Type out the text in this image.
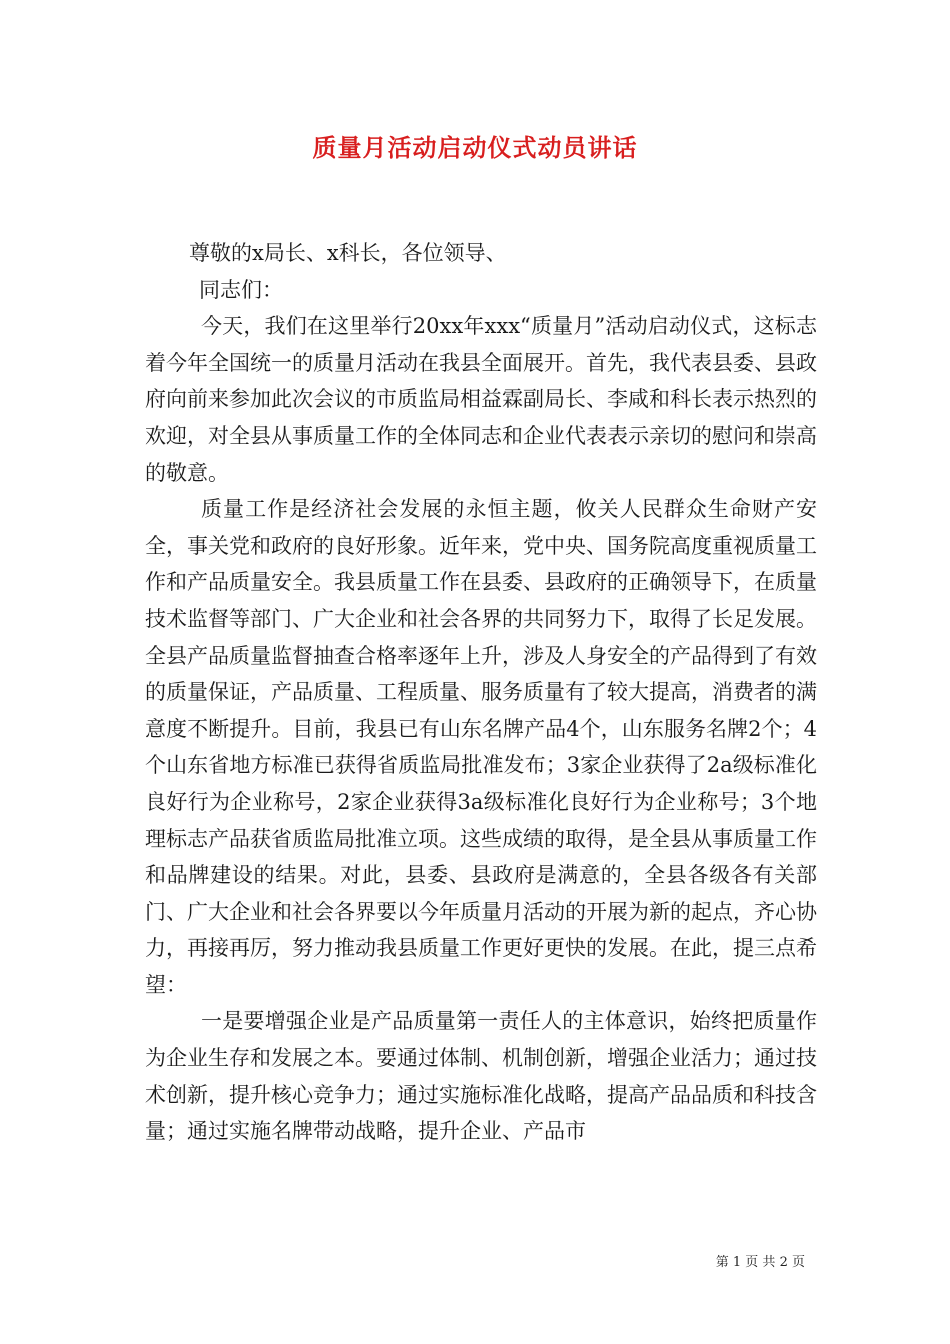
质量月活动启动仪式动员讲话

尊敬的x局长、x科长，各位领导、

同志们：

今天，我们在这里举行20xx年xxx“质量月”活动启动仪式，这标志着今年全国统一的质量月活动在我县全面展开。首先，我代表县委、县政府向前来参加此次会议的市质监局相益霖副局长、李咸和科长表示热烈的欢迎，对全县从事质量工作的全体同志和企业代表表示亲切的慰问和崇高的敬意。

质量工作是经济社会发展的永恒主题，攸关人民群众生命财产安全，事关党和政府的良好形象。近年来，党中央、国务院高度重视质量工作和产品质量安全。我县质量工作在县委、县政府的正确领导下，在质量技术监督等部门、广大企业和社会各界的共同努力下，取得了长足发展。全县产品质量监督抽查合格率逐年上升，涉及人身安全的产品得到了有效的质量保证，产品质量、工程质量、服务质量有了较大提高，消费者的满意度不断提升。目前，我县已有山东名牌产品4个，山东服务名牌2个；4个山东省地方标准已获得省质监局批准发布；3家企业获得了2a级标准化良好行为企业称号，2家企业获得3a级标准化良好行为企业称号；3个地理标志产品获省质监局批准立项。这些成绩的取得，是全县从事质量工作和品牌建设的结果。对此，县委、县政府是满意的，全县各级各有关部门、广大企业和社会各界要以今年质量月活动的开展为新的起点，齐心协力，再接再厉，努力推动我县质量工作更好更快的发展。在此，提三点希望：

一是要增强企业是产品质量第一责任人的主体意识，始终把质量作为企业生存和发展之本。要通过体制、机制创新，增强企业活力；通过技术创新，提升核心竞争力；通过实施标准化战略，提高产品品质和科技含量；通过实施名牌带动战略，提升企业、产品市

第 1 页 共 2 页
